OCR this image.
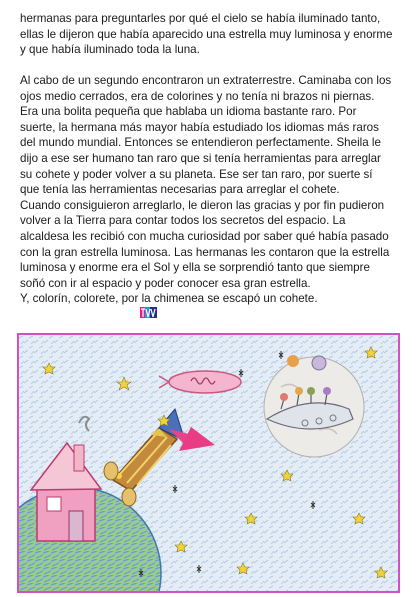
hermanas para preguntarles por qué el cielo se había iluminado tanto,
ellas le dijeron que había aparecido una estrella muy luminosa y enorme
y que había iluminado toda la luna.
Al cabo de un segundo encontraron un extraterrestre. Caminaba con los
ojos medio cerrados, era de colorines y no tenía ni brazos ni piernas.
Era una bolita pequeña que hablaba un idioma bastante raro. Por
suerte, la hermana más mayor había estudiado los idiomas más raros
del mundo mundial. Entonces se entendieron perfectamente. Sheila le
dijo a ese ser humano tan raro que si tenía herramientas para arreglar
su cohete y poder volver a su planeta. Ese ser tan raro, por suerte sí
que tenía las herramientas necesarias para arreglar el cohete.
Cuando consiguieron arreglarlo, le dieron las gracias y por fin pudieron
volver a la Tierra para contar todos los secretos del espacio. La
alcaldesa les recibió con mucha curiosidad por saber qué había pasado
con la gran estrella luminosa. Las hermanas les contaron que la estrella
luminosa y enorme era el Sol y ella se sorprendió tanto que siempre
soñó con ir al espacio y poder conocer esa gran estrella.
Y, colorín, colorete, por la chimenea se escapó un cohete.
